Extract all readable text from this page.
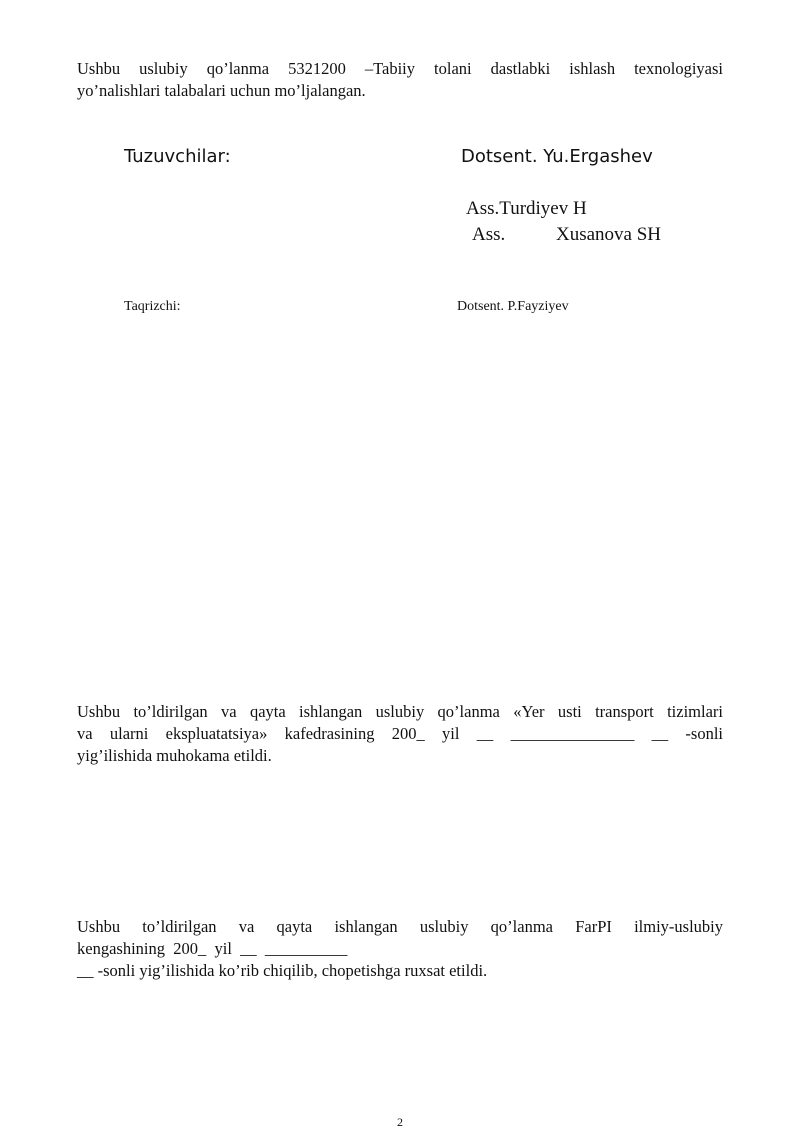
Ushbu uslubiy qo’lanma 5321200 –Tabiiy tolani dastlabki ishlash texnologiyasi
yo’nalishlari talabalari uchun mo’ljalangan.
Tuzuvchilar:	Dotsent. Yu.Ergashev
Ass.Turdiyev H
Ass.	Xusanova SH
Taqrizchi:	Dotsent. P.Fayziyev
Ushbu to’ldirilgan va qayta ishlangan uslubiy qo’lanma «Yer usti transport tizimlari
va ularni ekspluatatsiya» kafedrasining 200_ yil __ _______________ __ -sonli
yig’ilishida muhokama etildi.
Ushbu to’ldirilgan va qayta ishlangan uslubiy qo’lanma FarPI ilmiy-uslubiy
kengashining  200_  yil  __  __________
__ -sonli yig’ilishida ko’rib chiqilib, chopetishga ruxsat etildi.
2
